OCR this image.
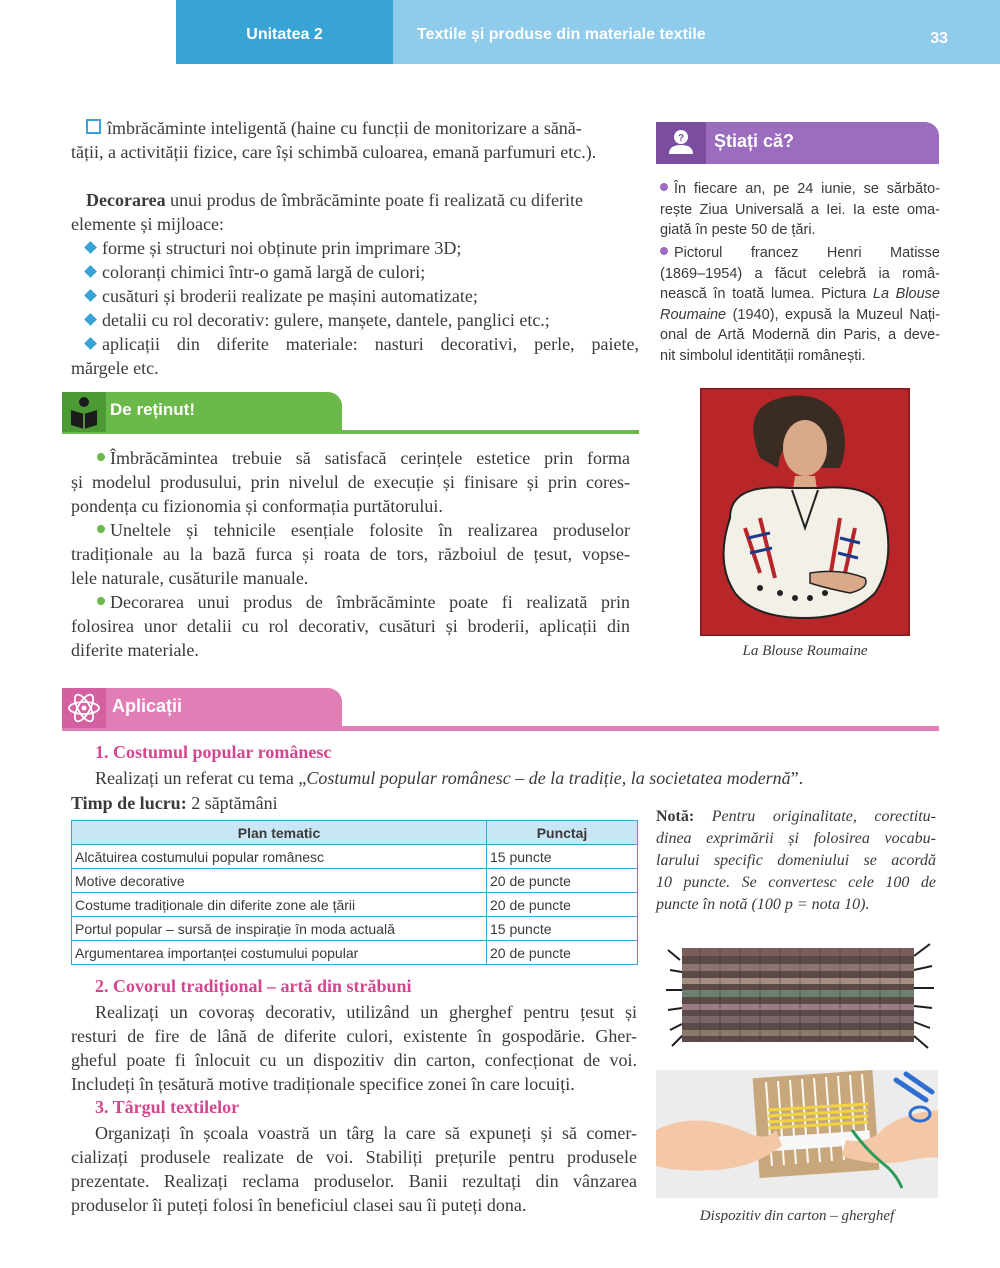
Unitatea 2	Textile și produse din materiale textile	33
îmbrăcăminte inteligentă (haine cu funcții de monitorizare a sănă-
tății, a activității fizice, care își schimbă culoarea, emană parfumuri etc.).
Decorarea unui produs de îmbrăcăminte poate fi realizată cu diferite
elemente și mijloace:
forme și structuri noi obținute prin imprimare 3D;
coloranți chimici într-o gamă largă de culori;
cusături și broderii realizate pe mașini automatizate;
detalii cu rol decorativ: gulere, manșete, dantele, panglici etc.;
aplicații din diferite materiale: nasturi decorativi, perle, paiete,
mărgele etc.
? Știați că?
În fiecare an, pe 24 iunie, se sărbăto-
rește Ziua Universală a Iei. Ia este oma-
giată în peste 50 de țări.
Pictorul francez Henri Matisse
(1869–1954) a făcut celebră ia româ-
nească în toată lumea. Pictura La Blouse
Roumaine (1940), expusă la Muzeul Nați-
onal de Artă Modernă din Paris, a deve-
nit simbolul identității românești.
La Blouse Roumaine
De reținut!
Îmbrăcămintea trebuie să satisfacă cerințele estetice prin forma
și modelul produsului, prin nivelul de execuție și finisare și prin cores-
pondența cu fizionomia și conformația purtătorului.
Uneltele și tehnicile esențiale folosite în realizarea produselor
tradiționale au la bază furca și roata de tors, războiul de țesut, vopse-
lele naturale, cusăturile manuale.
Decorarea unui produs de îmbrăcăminte poate fi realizată prin
folosirea unor detalii cu rol decorativ, cusături și broderii, aplicații din
diferite materiale.
Aplicații
1. Costumul popular românesc
Realizați un referat cu tema „Costumul popular românesc – de la tradiție, la societatea modernă”.
Timp de lucru: 2 săptămâni
Plan tematic	Punctaj
Alcătuirea costumului popular românesc	15 puncte
Motive decorative	20 de puncte
Costume tradiționale din diferite zone ale țării	20 de puncte
Portul popular – sursă de inspirație în moda actuală	15 puncte
Argumentarea importanței costumului popular	20 de puncte
Notă: Pentru originalitate, corectitu-
dinea exprimării și folosirea vocabu-
larului specific domeniului se acordă
10 puncte. Se convertesc cele 100 de
puncte în notă (100 p = nota 10).
Dispozitiv din carton – gherghef
2. Covorul tradițional – artă din străbuni
Realizați un covoraș decorativ, utilizând un gherghef pentru țesut și
resturi de fire de lână de diferite culori, existente în gospodărie. Gher-
gheful poate fi înlocuit cu un dispozitiv din carton, confecționat de voi.
Includeți în țesătură motive tradiționale specifice zonei în care locuiți.
3. Târgul textilelor
Organizați în școala voastră un târg la care să expuneți și să comer-
cializați produsele realizate de voi. Stabiliți prețurile pentru produsele
prezentate. Realizați reclama produselor. Banii rezultați din vânzarea
produselor îi puteți folosi în beneficiul clasei sau îi puteți dona.
